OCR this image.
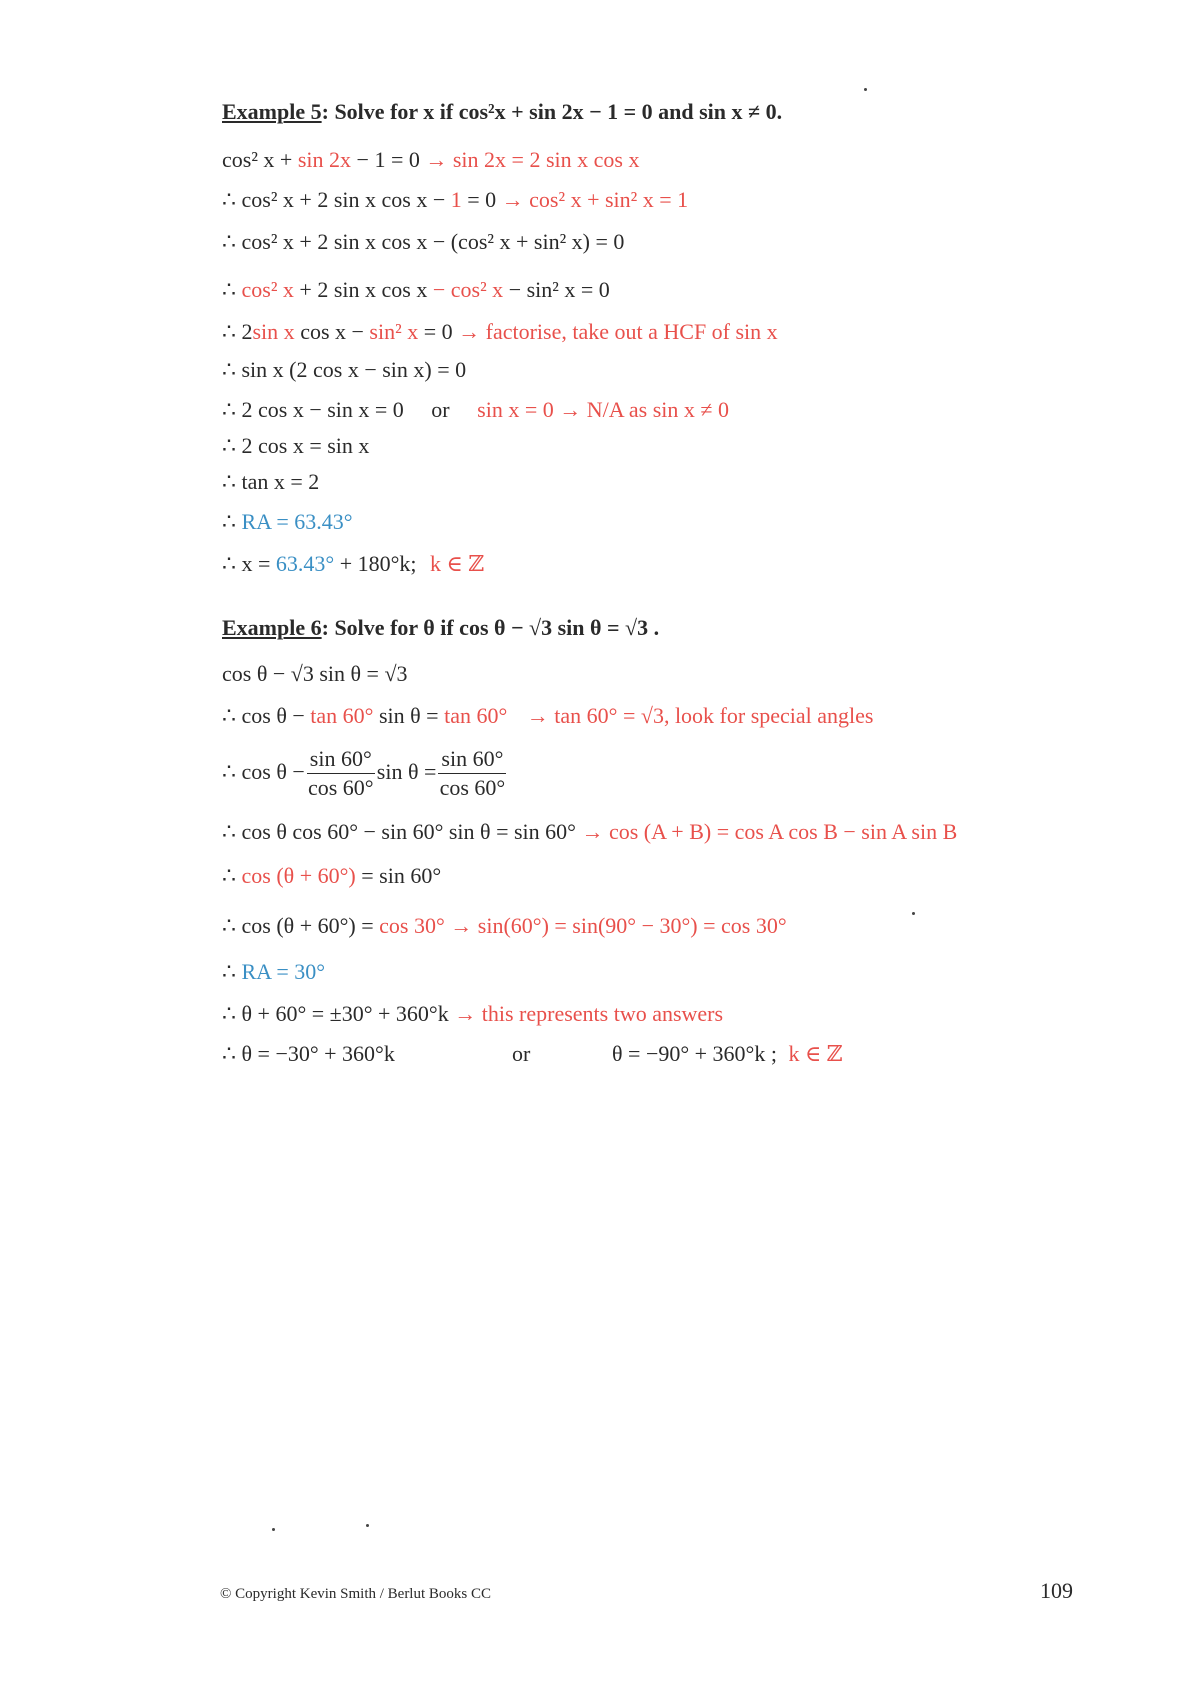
Example 5: Solve for x if cos²x + sin 2x − 1 = 0 and sin x ≠ 0.
cos² x + sin 2x − 1 = 0 → sin 2x = 2 sin x cos x
∴ cos² x + 2 sin x cos x − 1 = 0 → cos² x + sin² x = 1
∴ cos² x + 2 sin x cos x − (cos² x + sin² x) = 0
∴ cos² x + 2 sin x cos x − cos² x − sin² x = 0
∴ 2sin x cos x − sin² x = 0 → factorise, take out a HCF of sin x
∴ sin x (2 cos x − sin x) = 0
∴ 2 cos x − sin x = 0     or sin x = 0 → N/A as sin x ≠ 0
∴ 2 cos x = sin x
∴ tan x = 2
∴ RA = 63.43°
∴ x = 63.43° + 180°k; k ∈ ℤ
Example 6: Solve for θ if cos θ − √3 sin θ = √3 .
cos θ − √3 sin θ = √3
∴ cos θ − tan 60° sin θ = tan 60° → tan 60° = √3, look for special angles
∴ $\cos \theta - \frac{\sin 60^\circ}{\cos 60^\circ}$ $\sin \theta = \frac{\sin 60^\circ}{\cos 60^\circ}$
∴ cos θ cos 60° − sin 60° sin θ = sin 60° → cos (A + B) = cos A cos B − sin A sin B
∴ cos (θ + 60°) = sin 60°
∴ cos (θ + 60°) = cos 30° → sin(60°) = sin(90° − 30°) = cos 30°
∴ RA = 30°
∴ θ + 60° = ±30° + 360°k → this represents two answers
∴ θ = −30° + 360°k	or	θ = −90° + 360°k ; k ∈ ℤ
© Copyright Kevin Smith / Berlut Books CC	109
